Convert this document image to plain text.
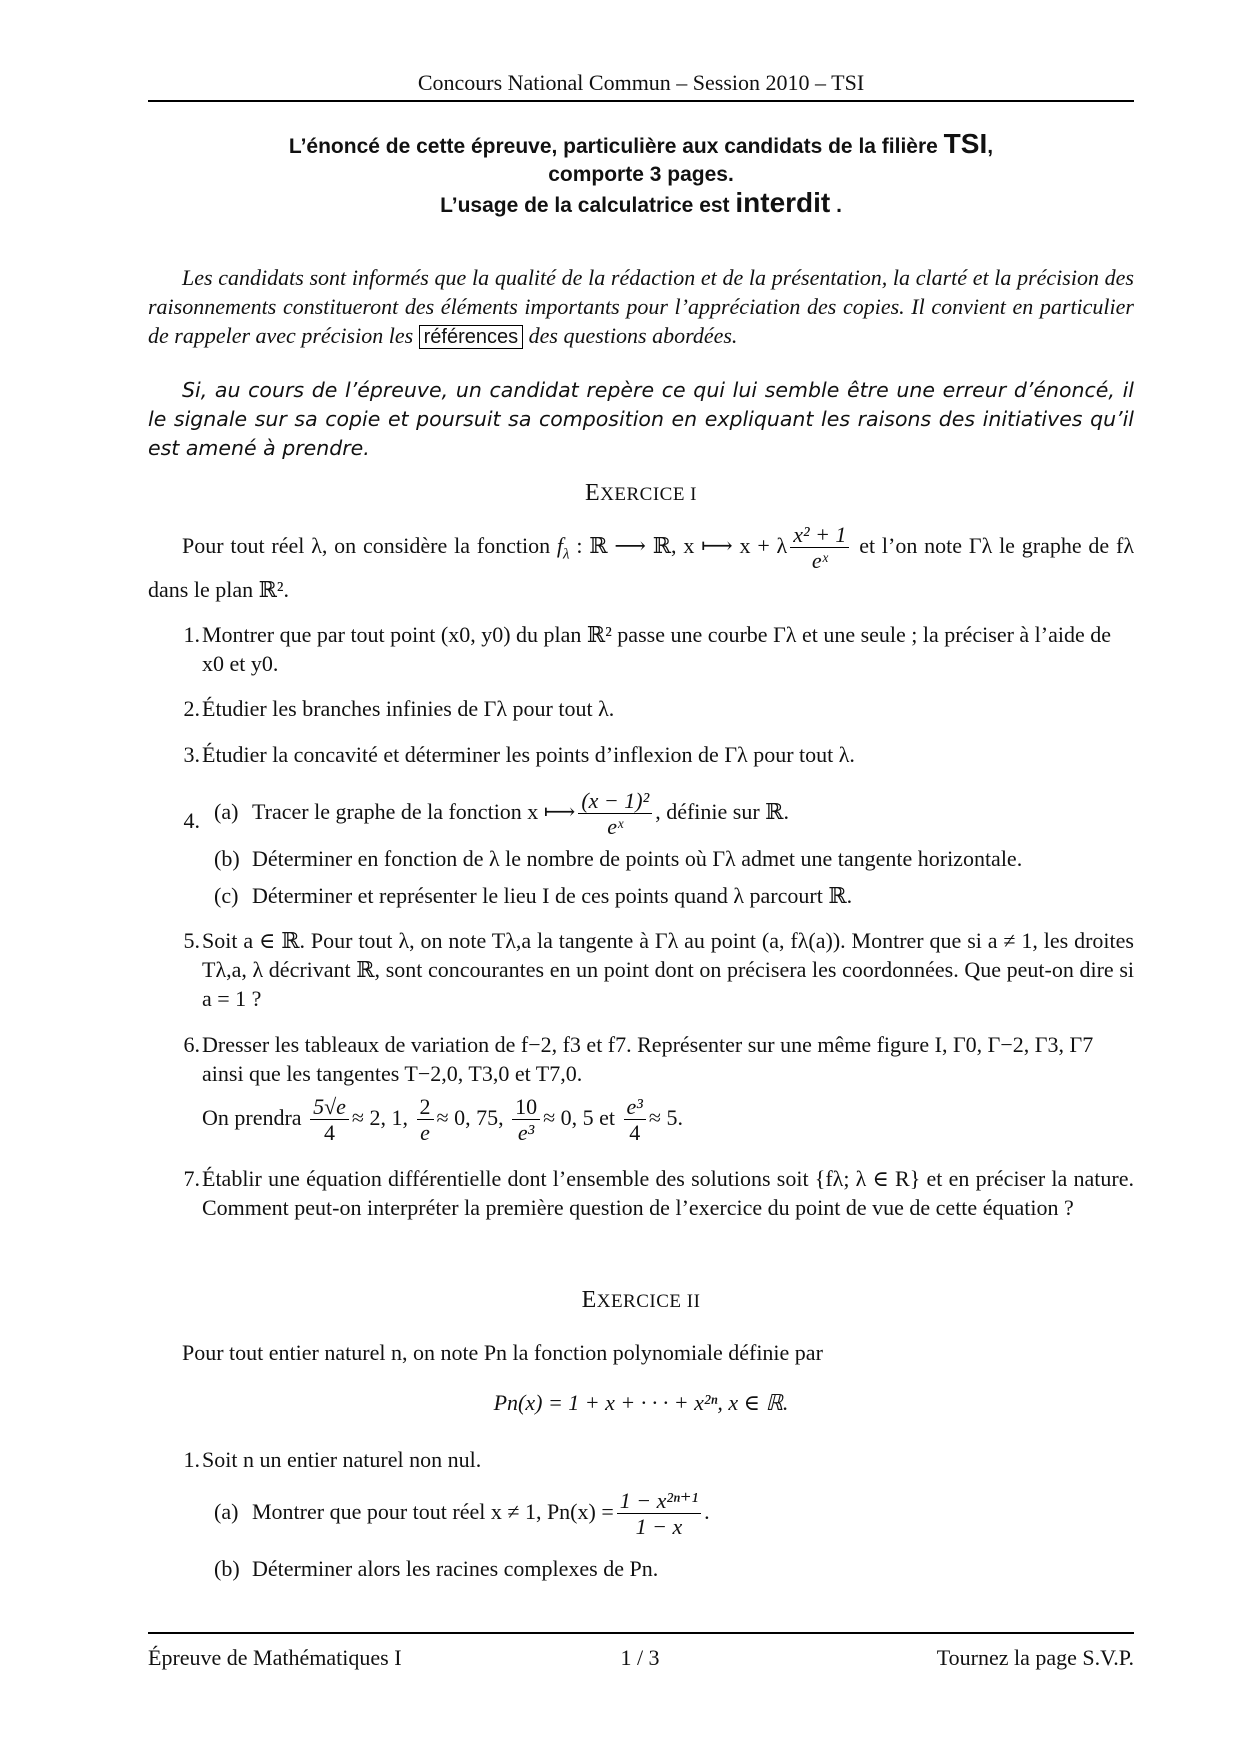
Concours National Commun – Session 2010 – TSI
L’énoncé de cette épreuve, particulière aux candidats de la filière TSI,
comporte 3 pages.
L’usage de la calculatrice est interdit .
Les candidats sont informés que la qualité de la rédaction et de la présentation, la clarté et la précision des raisonnements constitueront des éléments importants pour l’appréciation des copies. Il convient en particulier de rappeler avec précision les références des questions abordées.
Si, au cours de l’épreuve, un candidat repère ce qui lui semble être une erreur d’énoncé, il le signale sur sa copie et poursuit sa composition en expliquant les raisons des initiatives qu’il est amené à prendre.
EXERCICE I
Pour tout réel λ, on considère la fonction $f_\lambda$ : ℝ ⟶ ℝ, x ⟼ x + λ $\frac{\text{x² + 1}}{\text{eˣ}}$ et l’on note Γλ le graphe de fλ dans le plan ℝ².
1. Montrer que par tout point (x0, y0) du plan ℝ² passe une courbe Γλ et une seule ; la préciser à l’aide de x0 et y0.
2. Étudier les branches infinies de Γλ pour tout λ.
3. Étudier la concavité et déterminer les points d’inflexion de Γλ pour tout λ.
4. (a) Tracer le graphe de la fonction x ⟼ $\frac{\text{(x − 1)²}}{\text{eˣ}}$ , définie sur ℝ.
(b) Déterminer en fonction de λ le nombre de points où Γλ admet une tangente horizontale.
(c) Déterminer et représenter le lieu I de ces points quand λ parcourt ℝ.
5. Soit a ∈ ℝ. Pour tout λ, on note Tλ,a la tangente à Γλ au point (a, fλ(a)). Montrer que si a ≠ 1, les droites Tλ,a, λ décrivant ℝ, sont concourantes en un point dont on précisera les coordonnées. Que peut-on dire si a = 1 ?
6. Dresser les tableaux de variation de f−2, f3 et f7. Représenter sur une même figure I, Γ0, Γ−2, Γ3, Γ7 ainsi que les tangentes T−2,0, T3,0 et T7,0.
On prendra $\frac{5√e}{4} \approx 2$, 1, $\frac{2}{e} \approx 0$, 75, $\frac{10}{\text{e³}} \approx 0$, 5 et $\frac{\text{e³}}{4} \approx 5$.
7. Établir une équation différentielle dont l’ensemble des solutions soit {fλ; λ ∈ R} et en préciser la nature. Comment peut-on interpréter la première question de l’exercice du point de vue de cette équation ?
EXERCICE II
Pour tout entier naturel n, on note Pn la fonction polynomiale définie par
Pn(x) = 1 + x + · · · + x²ⁿ, x ∈ ℝ.
1. Soit n un entier naturel non nul.
(a) Montrer que pour tout réel x ≠ 1, $Pn(x) = \frac{\text{1 − x²ⁿ⁺¹}}{1 - x}$ .
(b) Déterminer alors les racines complexes de Pn.
Épreuve de Mathématiques I	1 / 3	Tournez la page S.V.P.
